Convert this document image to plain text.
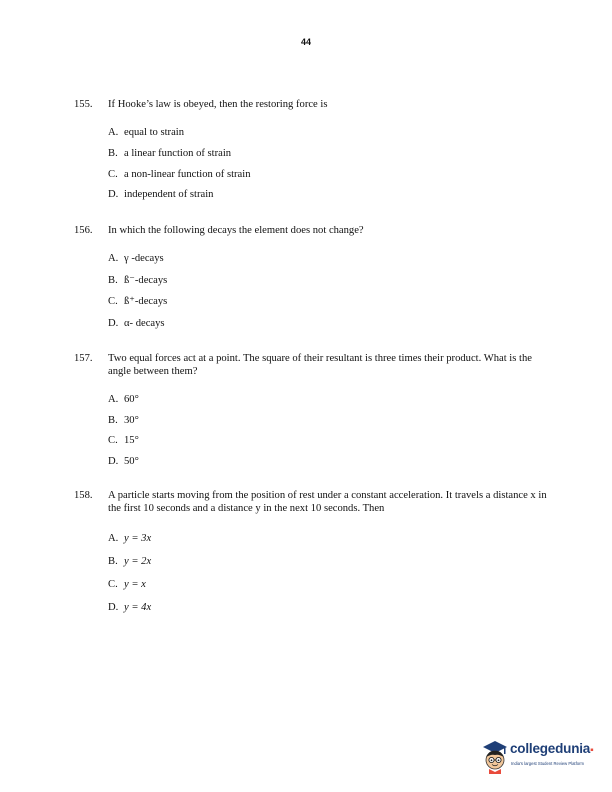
44
155. If Hooke’s law is obeyed, then the restoring force is
A. equal to strain
B. a linear function of strain
C. a non-linear function of strain
D. independent of strain
156. In which the following decays the element does not change?
A. γ -decays
B. ß⁻-decays
C. ß⁺-decays
D. α- decays
157. Two equal forces act at a point. The square of their resultant is three times their product. What is the angle between them?
A. 60°
B. 30°
C. 15°
D. 50°
158. A particle starts moving from the position of rest under a constant acceleration. It travels a distance x in the first 10 seconds and a distance y in the next 10 seconds. Then
A. y = 3x
B. y = 2x
C. y = x
D. y = 4x
collegedunia▪
India's largest Student Review Platform
